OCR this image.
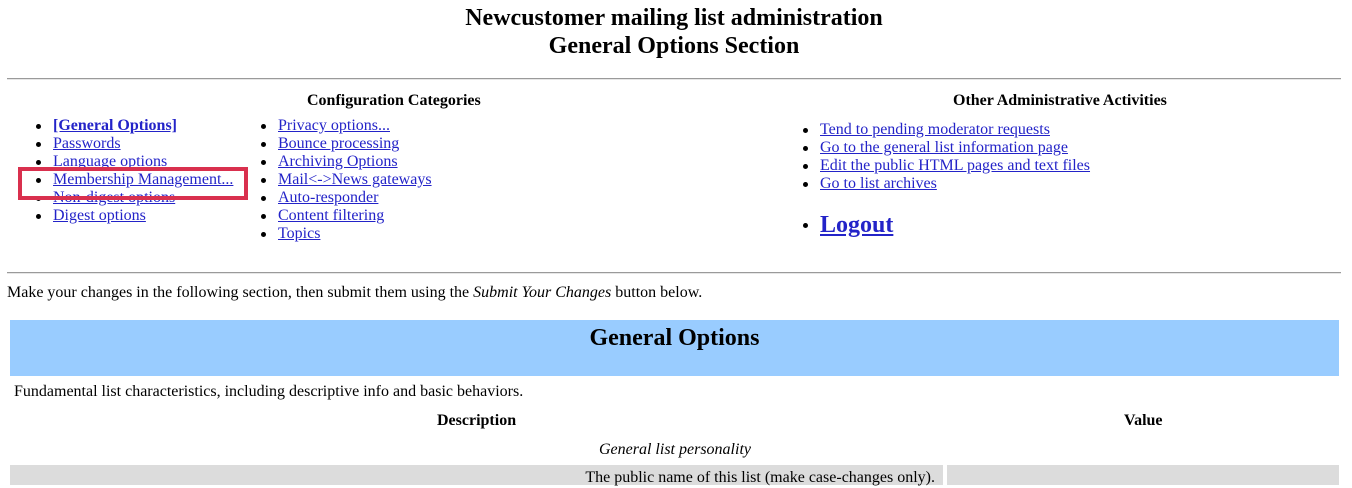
Newcustomer mailing list administration
General Options Section
Configuration Categories	Other Administrative Activities
[General Options]
Passwords
Language options
Membership Management...
Non-digest options
Digest options
Privacy options...
Bounce processing
Archiving Options
Mail<->News gateways
Auto-responder
Content filtering
Topics
Tend to pending moderator requests
Go to the general list information page
Edit the public HTML pages and text files
Go to list archives
Logout
Make your changes in the following section, then submit them using the Submit Your Changes button below.
General Options
Fundamental list characteristics, including descriptive info and basic behaviors.
Description	Value
General list personality
The public name of this list (make case-changes only).
